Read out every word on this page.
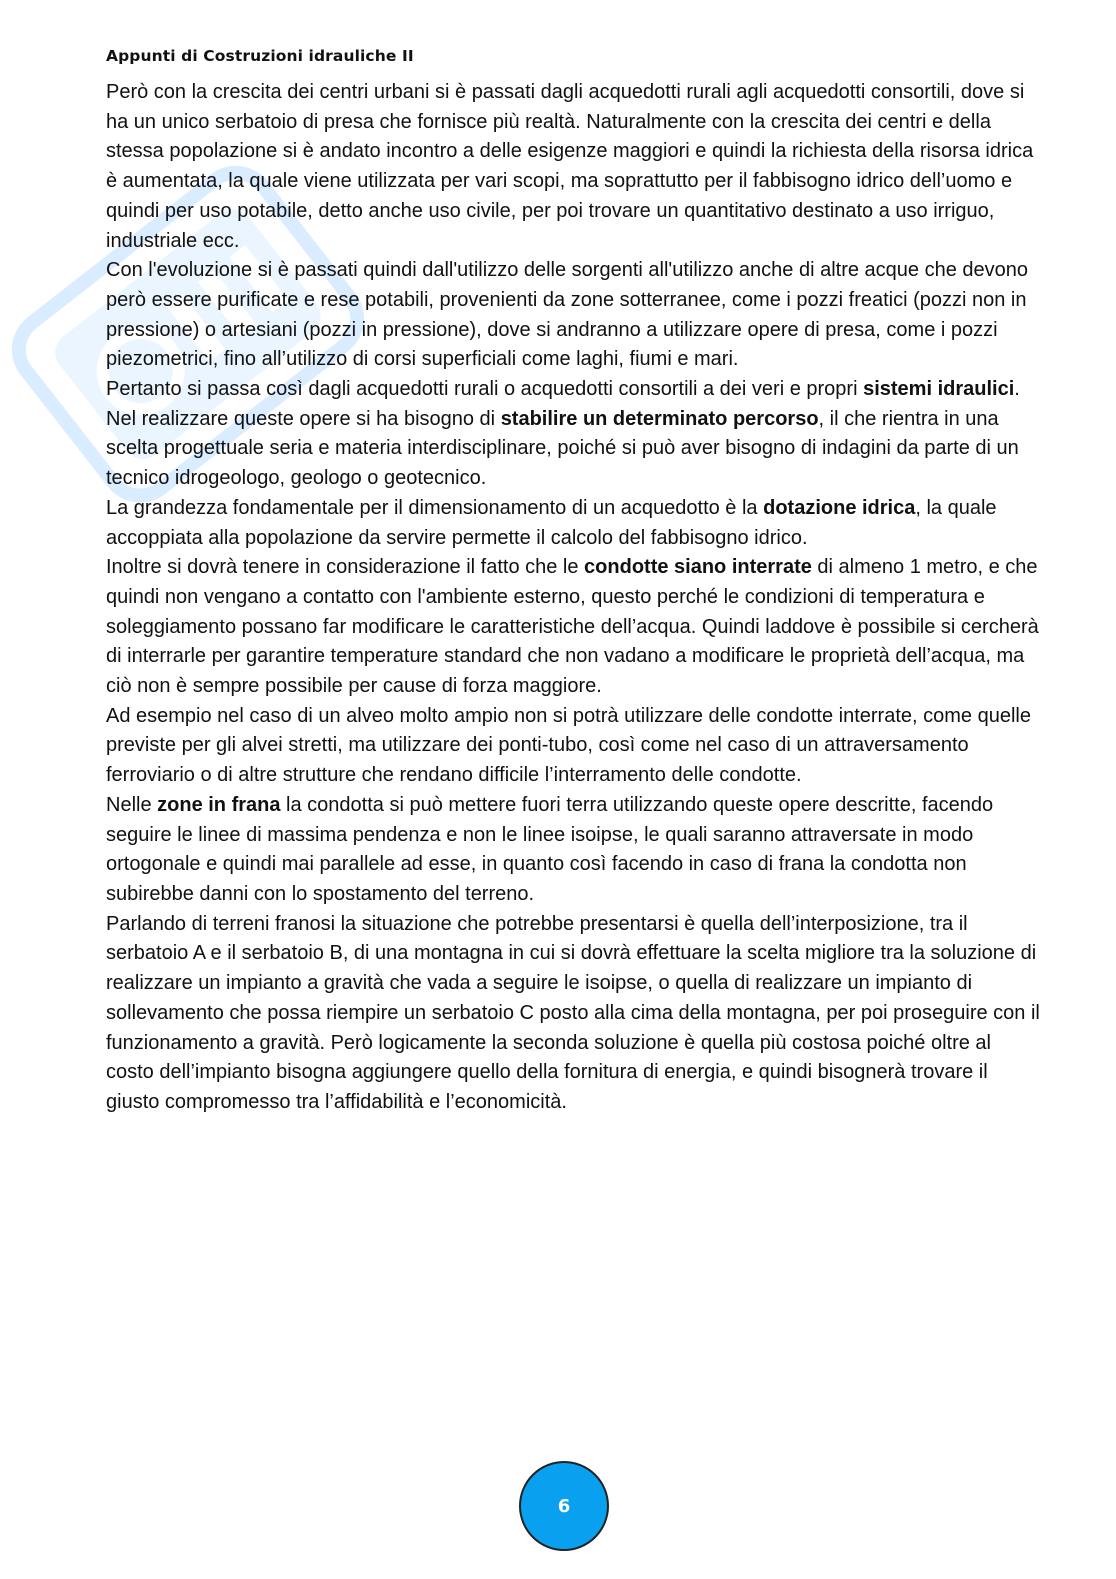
Appunti di Costruzioni idrauliche II

Però con la crescita dei centri urbani si è passati dagli acquedotti rurali agli acquedotti consortili, dove si ha un unico serbatoio di presa che fornisce più realtà. Naturalmente con la crescita dei centri e della stessa popolazione si è andato incontro a delle esigenze maggiori e quindi la richiesta della risorsa idrica è aumentata, la quale viene utilizzata per vari scopi, ma soprattutto per il fabbisogno idrico dell’uomo e quindi per uso potabile, detto anche uso civile, per poi trovare un quantitativo destinato a uso irriguo, industriale ecc.

Con l'evoluzione si è passati quindi dall'utilizzo delle sorgenti all'utilizzo anche di altre acque che devono però essere purificate e rese potabili, provenienti da zone sotterranee, come i pozzi freatici (pozzi non in pressione) o artesiani (pozzi in pressione), dove si andranno a utilizzare opere di presa, come i pozzi piezometrici, fino all’utilizzo di corsi superficiali come laghi, fiumi e mari.

Pertanto si passa così dagli acquedotti rurali o acquedotti consortili a dei veri e propri sistemi idraulici.

Nel realizzare queste opere si ha bisogno di stabilire un determinato percorso, il che rientra in una scelta progettuale seria e materia interdisciplinare, poiché si può aver bisogno di indagini da parte di un tecnico idrogeologo, geologo o geotecnico.

La grandezza fondamentale per il dimensionamento di un acquedotto è la dotazione idrica, la quale accoppiata alla popolazione da servire permette il calcolo del fabbisogno idrico.

Inoltre si dovrà tenere in considerazione il fatto che le condotte siano interrate di almeno 1 metro, e che quindi non vengano a contatto con l'ambiente esterno, questo perché le condizioni di temperatura e soleggiamento possano far modificare le caratteristiche dell’acqua. Quindi laddove è possibile si cercherà di interrarle per garantire temperature standard che non vadano a modificare le proprietà dell’acqua, ma ciò non è sempre possibile per cause di forza maggiore.

Ad esempio nel caso di un alveo molto ampio non si potrà utilizzare delle condotte interrate, come quelle previste per gli alvei stretti, ma utilizzare dei ponti-tubo, così come nel caso di un attraversamento ferroviario o di altre strutture che rendano difficile l’interramento delle condotte.

Nelle zone in frana la condotta si può mettere fuori terra utilizzando queste opere descritte, facendo seguire le linee di massima pendenza e non le linee isoipse, le quali saranno attraversate in modo ortogonale e quindi mai parallele ad esse, in quanto così facendo in caso di frana la condotta non subirebbe danni con lo spostamento del terreno.

Parlando di terreni franosi la situazione che potrebbe presentarsi è quella dell’interposizione, tra il serbatoio A e il serbatoio B, di una montagna in cui si dovrà effettuare la scelta migliore tra la soluzione di realizzare un impianto a gravità che vada a seguire le isoipse, o quella di realizzare un impianto di sollevamento che possa riempire un serbatoio C posto alla cima della montagna, per poi proseguire con il funzionamento a gravità. Però logicamente la seconda soluzione è quella più costosa poiché oltre al costo dell’impianto bisogna aggiungere quello della fornitura di energia, e quindi bisognerà trovare il giusto compromesso tra l’affidabilità e l’economicità.

6
